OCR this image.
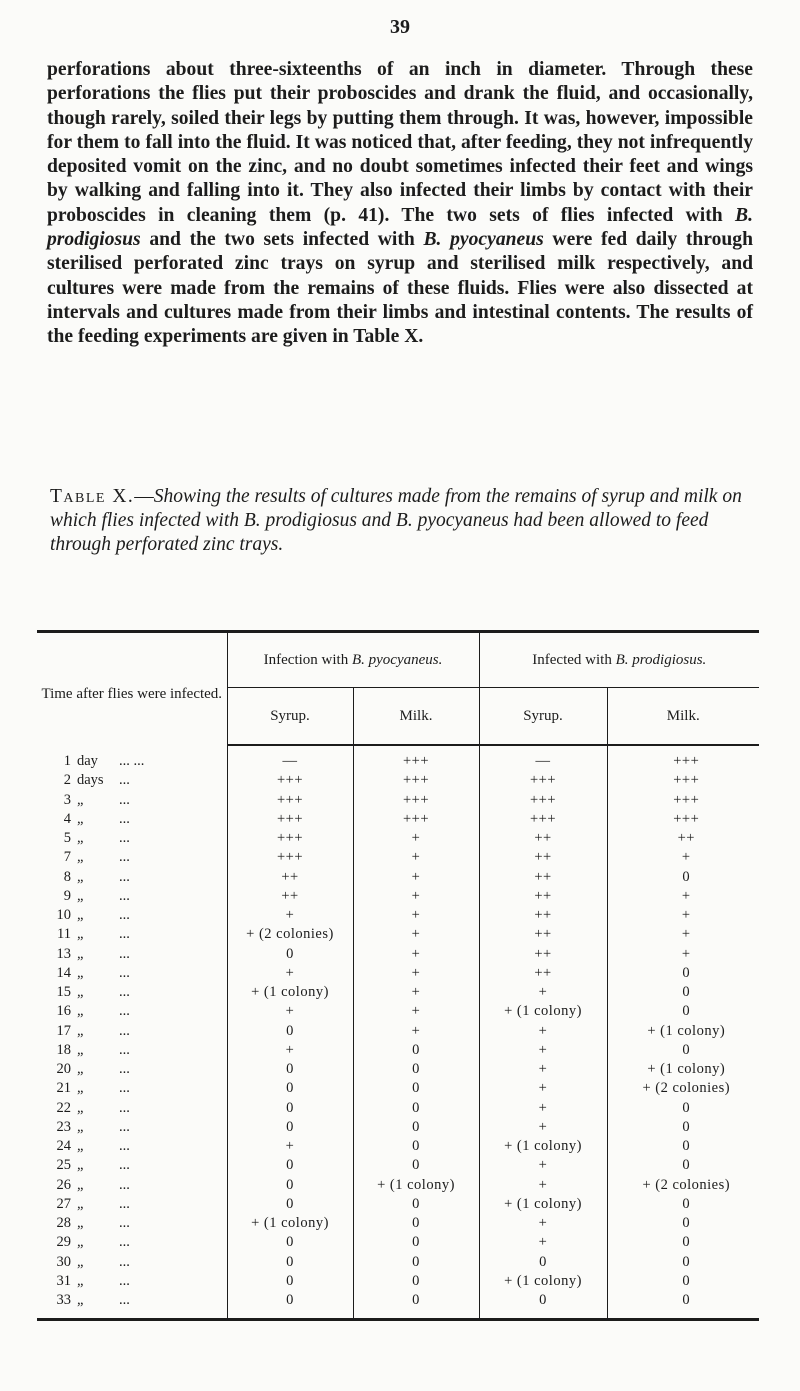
39

perforations about three-sixteenths of an inch in diameter. Through these perforations the flies put their proboscides and drank the fluid, and occasionally, though rarely, soiled their legs by putting them through. It was, however, impossible for them to fall into the fluid. It was noticed that, after feeding, they not infrequently deposited vomit on the zinc, and no doubt sometimes infected their feet and wings by walking and falling into it. They also infected their limbs by contact with their proboscides in cleaning them (p. 41). The two sets of flies infected with B. prodigiosus and the two sets infected with B. pyocyaneus were fed daily through sterilised perforated zinc trays on syrup and sterilised milk respectively, and cultures were made from the remains of these fluids. Flies were also dissected at intervals and cultures made from their limbs and intestinal contents. The results of the feeding experiments are given in Table X.

Table X.—Showing the results of cultures made from the remains of syrup and milk on which flies infected with B. prodigiosus and B. pyocyaneus had been allowed to feed through perforated zinc trays.

Time after flies were infected.	Infection with B. pyocyaneus.		Infected with B. prodigiosus.	
	Syrup.	Milk.	Syrup.	Milk.
1 day ... ...	—	+++	—	+++
2 days ...	+++	+++	+++	+++
3 „ ...	+++	+++	+++	+++
4 „ ...	+++	+++	+++	+++
5 „ ...	+++	+	++	++
7 „ ...	+++	+	++	+
8 „ ...	++	+	++	0
9 „ ...	++	+	++	+
10 „ ...	+	+	++	+
11 „ ...	+ (2 colonies)	+	++	+
13 „ ...	0	+	++	+
14 „ ...	+	+	++	0
15 „ ...	+ (1 colony)	+	+	0
16 „ ...	+	+	+ (1 colony)	0
17 „ ...	0	+	+	+ (1 colony)
18 „ ...	+	0	+	0
20 „ ...	0	0	+	+ (1 colony)
21 „ ...	0	0	+	+ (2 colonies)
22 „ ...	0	0	+	0
23 „ ...	0	0	+	0
24 „ ...	+	0	+ (1 colony)	0
25 „ ...	0	0	+	0
26 „ ...	0	+ (1 colony)	+	+ (2 colonies)
27 „ ...	0	0	+ (1 colony)	0
28 „ ...	+ (1 colony)	0	+	0
29 „ ...	0	0	+	0
30 „ ...	0	0	0	0
31 „ ...	0	0	+ (1 colony)	0
33 „ ...	0	0	0	0
